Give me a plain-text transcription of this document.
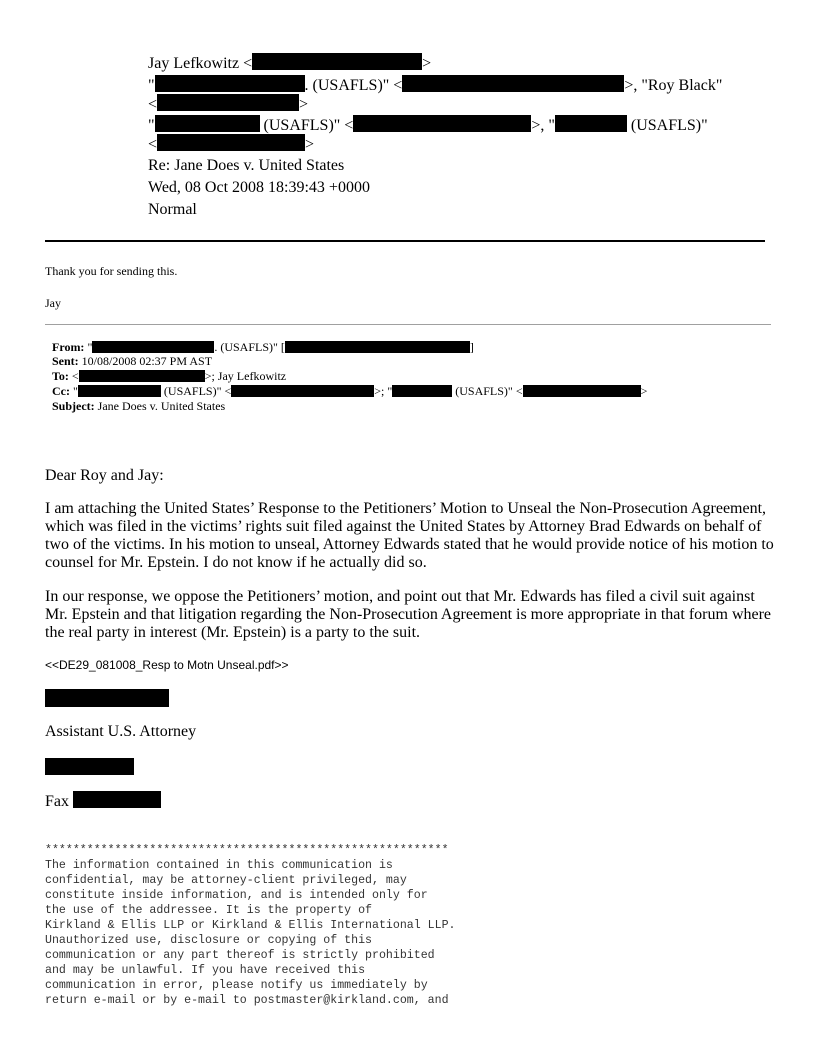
Jay Lefkowitz <	>
"	. (USAFLS)" <	>, "Roy Black"
<	>
"	(USAFLS)" <	>, "	(USAFLS)"
<	>
Re: Jane Does v. United States
Wed, 08 Oct 2008 18:39:43 +0000
Normal
Thank you for sending this.
Jay
From: "	. (USAFLS)" [	]
Sent: 10/08/2008 02:37 PM AST
To: <	>; Jay Lefkowitz
Cc: "	(USAFLS)" <	>; "	(USAFLS)" <	>
Subject: Jane Does v. United States
Dear Roy and Jay:
I am attaching the United States’ Response to the Petitioners’ Motion to Unseal the Non-Prosecution Agreement, which was filed in the victims’ rights suit filed against the United States by Attorney Brad Edwards on behalf of two of the victims. In his motion to unseal, Attorney Edwards stated that he would provide notice of his motion to counsel for Mr. Epstein. I do not know if he actually did so.
In our response, we oppose the Petitioners’ motion, and point out that Mr. Edwards has filed a civil suit against Mr. Epstein and that litigation regarding the Non-Prosecution Agreement is more appropriate in that forum where the real party in interest (Mr. Epstein) is a party to the suit.
<<DE29_081008_Resp to Motn Unseal.pdf>>
Assistant U.S. Attorney
Fax
**********************************************************
The information contained in this communication is
confidential, may be attorney-client privileged, may
constitute inside information, and is intended only for
the use of the addressee. It is the property of
Kirkland & Ellis LLP or Kirkland & Ellis International LLP.
Unauthorized use, disclosure or copying of this
communication or any part thereof is strictly prohibited
and may be unlawful. If you have received this
communication in error, please notify us immediately by
return e-mail or by e-mail to postmaster@kirkland.com, and
